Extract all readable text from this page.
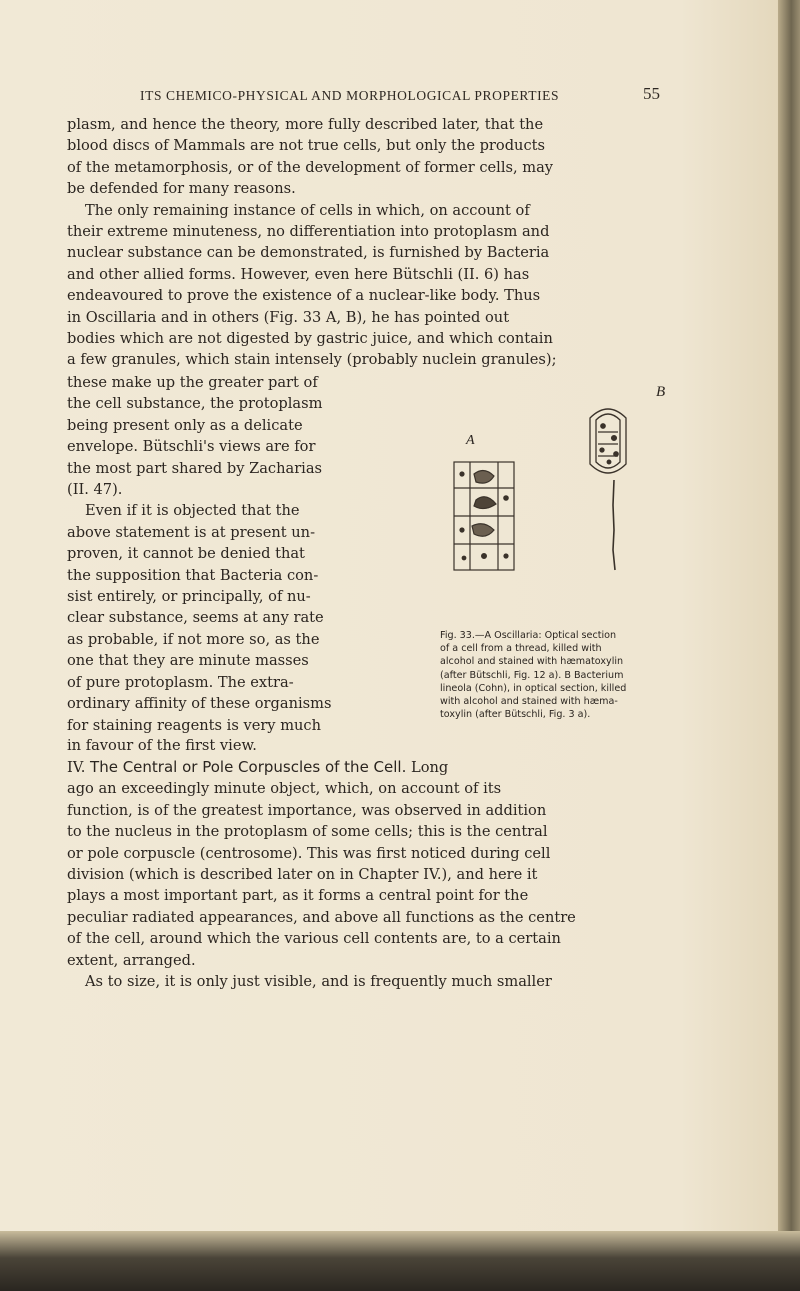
ITS CHEMICO-PHYSICAL AND MORPHOLOGICAL PROPERTIES	55

plasm, and hence the theory, more fully described later, that the

blood discs of Mammals are not true cells, but only the products

of the metamorphosis, or of the development of former cells, may

be defended for many reasons.

The only remaining instance of cells in which, on account of

their extreme minuteness, no differentiation into protoplasm and

nuclear substance can be demonstrated, is furnished by Bacteria

and other allied forms. However, even here Bütschli (II. 6) has

endeavoured to prove the existence of a nuclear-like body. Thus

in Oscillaria and in others (Fig. 33 A, B), he has pointed out

bodies which are not digested by gastric juice, and which contain

a few granules, which stain intensely (probably nuclein granules);

these make up the greater part of

the cell substance, the protoplasm

being present only as a delicate

envelope. Bütschli's views are for

the most part shared by Zacharias

(II. 47).

Even if it is objected that the

above statement is at present un-

proven, it cannot be denied that

the supposition that Bacteria con-

sist entirely, or principally, of nu-

clear substance, seems at any rate

as probable, if not more so, as the

one that they are minute masses

of pure protoplasm. The extra-

ordinary affinity of these organisms

for staining reagents is very much

in favour of the first view.
B
A

Fig. 33.—A Oscillaria: Optical section

of a cell from a thread, killed with

alcohol and stained with hæmatoxylin

(after Bütschli, Fig. 12 a). B Bacterium

lineola (Cohn), in optical section, killed

with alcohol and stained with hæma-

toxylin (after Bütschli, Fig. 3 a).

IV. The Central or Pole Corpuscles of the Cell. Long

ago an exceedingly minute object, which, on account of its

function, is of the greatest importance, was observed in addition

to the nucleus in the protoplasm of some cells; this is the central

or pole corpuscle (centrosome). This was first noticed during cell

division (which is described later on in Chapter IV.), and here it

plays a most important part, as it forms a central point for the

peculiar radiated appearances, and above all functions as the centre

of the cell, around which the various cell contents are, to a certain

extent, arranged.

As to size, it is only just visible, and is frequently much smaller
